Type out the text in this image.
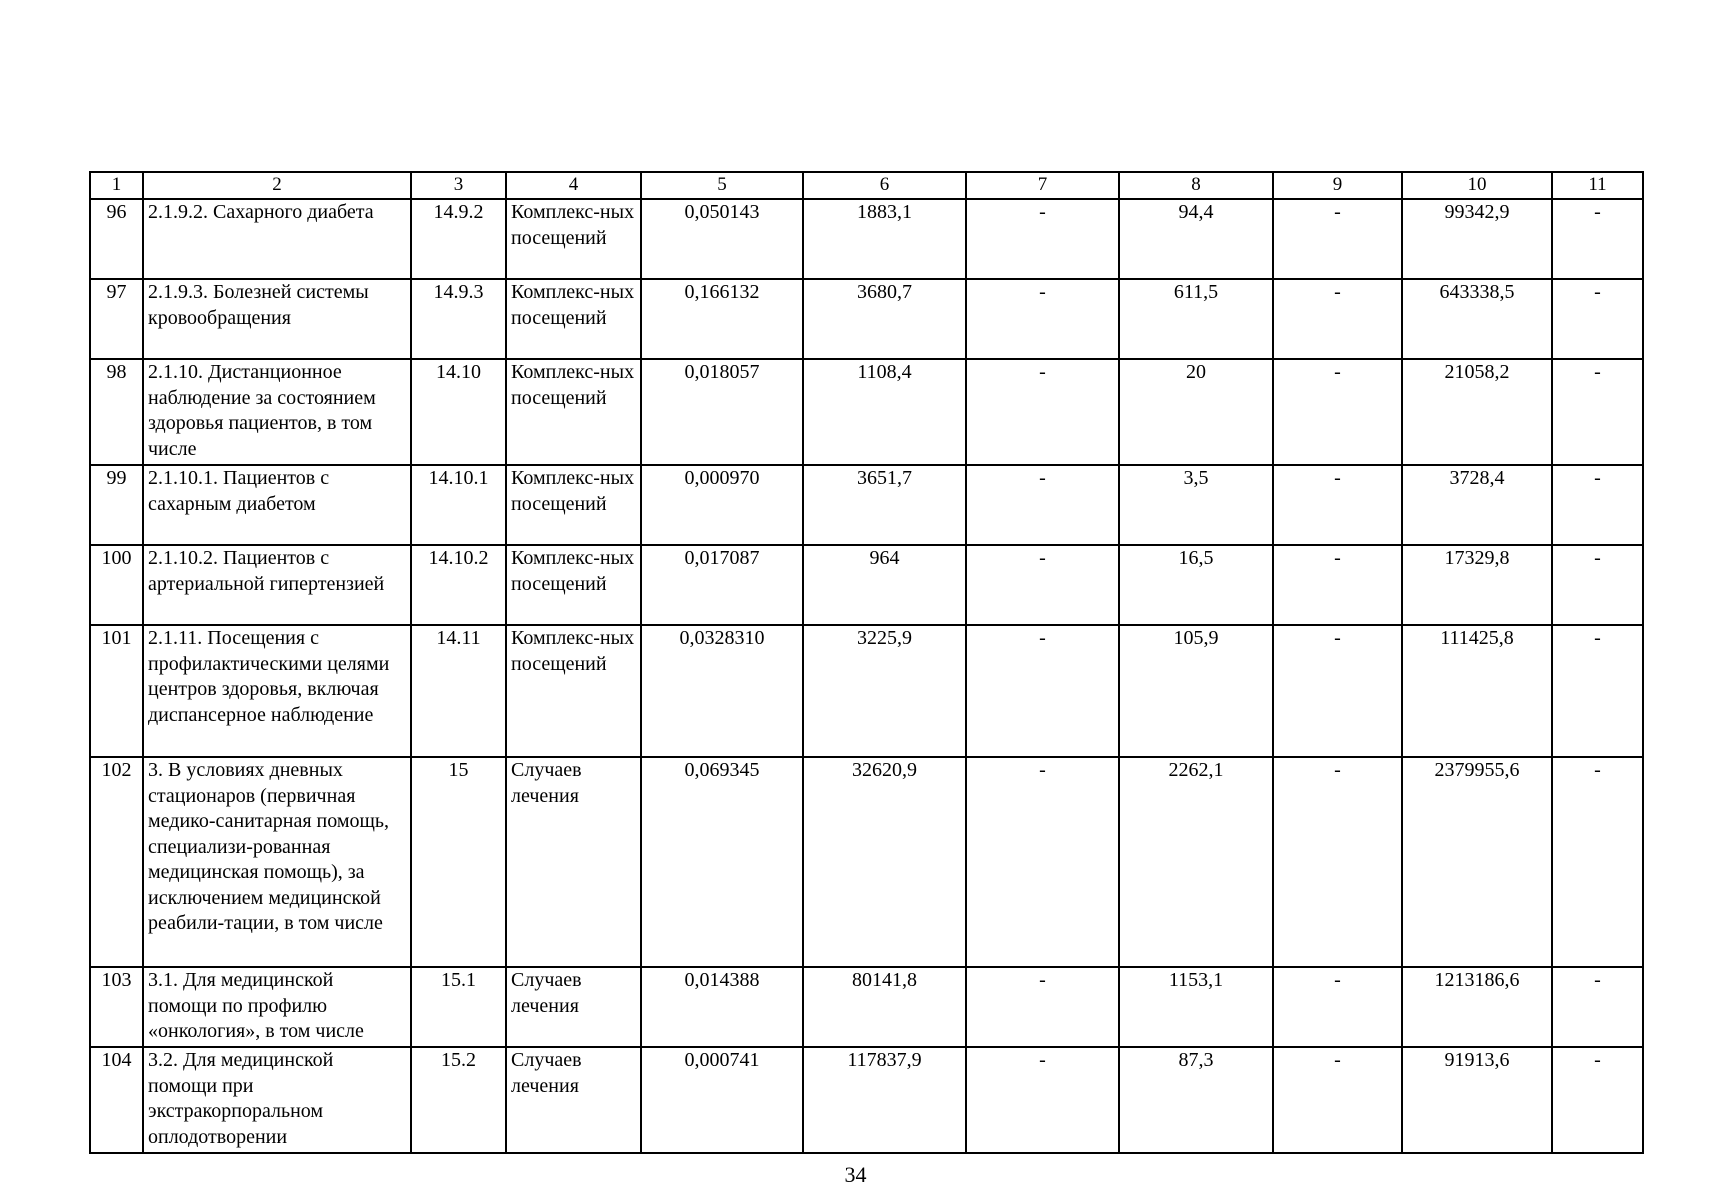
1	2	3	4	5	6	7	8	9	10	11
96	2.1.9.2. Сахарного диабета	14.9.2	Комплекс-ных посещений	0,050143	1883,1	-	94,4	-	99342,9	-
97	2.1.9.3. Болезней системы кровообращения	14.9.3	Комплекс-ных посещений	0,166132	3680,7	-	611,5	-	643338,5	-
98	2.1.10. Дистанционное наблюдение за состоянием здоровья пациентов, в том числе	14.10	Комплекс-ных посещений	0,018057	1108,4	-	20	-	21058,2	-
99	2.1.10.1. Пациентов с сахарным диабетом	14.10.1	Комплекс-ных посещений	0,000970	3651,7	-	3,5	-	3728,4	-
100	2.1.10.2. Пациентов с артериальной гипертензией	14.10.2	Комплекс-ных посещений	0,017087	964	-	16,5	-	17329,8	-
101	2.1.11. Посещения с профилактическими целями центров здоровья, включая диспансерное наблюдение	14.11	Комплекс-ных посещений	0,0328310	3225,9	-	105,9	-	111425,8	-
102	3. В условиях дневных стационаров (первичная медико-санитарная помощь, специализи-рованная медицинская помощь), за исключением медицинской реабили-тации, в том числе	15	Случаев лечения	0,069345	32620,9	-	2262,1	-	2379955,6	-
103	3.1. Для медицинской помощи по профилю «онкология», в том числе	15.1	Случаев лечения	0,014388	80141,8	-	1153,1	-	1213186,6	-
104	3.2. Для медицинской помощи при экстракорпоральном оплодотворении	15.2	Случаев лечения	0,000741	117837,9	-	87,3	-	91913,6	-
34
